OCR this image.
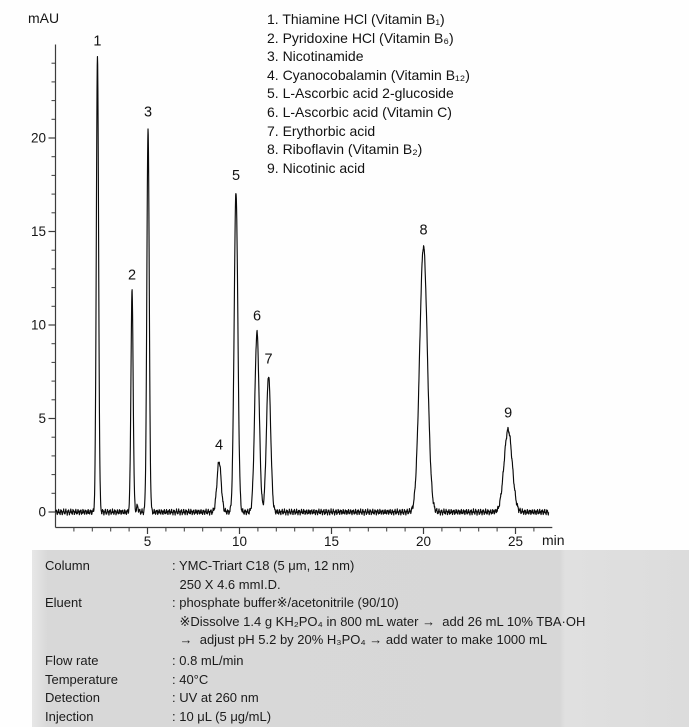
0
5
10
15
20
5	10	15	20	25
1
2
3
4
5
6
7
8
9
mAU
min
1. Thiamine HCl (Vitamin B₁)
2. Pyridoxine HCl (Vitamin B₆)
3. Nicotinamide
4. Cyanocobalamin (Vitamin B₁₂)
5. L-Ascorbic acid 2-glucoside
6. L-Ascorbic acid (Vitamin C)
7. Erythorbic acid
8. Riboflavin (Vitamin B₂)
9. Nicotinic acid
Column	: YMC-Triart C18 (5 μm, 12 nm)
250 X 4.6 mmI.D.
Eluent	: phosphate buffer※/acetonitrile (90/10)
※Dissolve 1.4 g KH₂PO₄ in 800 mL water →  add 26 mL 10% TBA·OH
→  adjust pH 5.2 by 20% H₃PO₄ → add water to make 1000 mL
Flow rate	: 0.8 mL/min
Temperature	: 40°C
Detection	: UV at 260 nm
Injection	: 10 μL (5 μg/mL)
